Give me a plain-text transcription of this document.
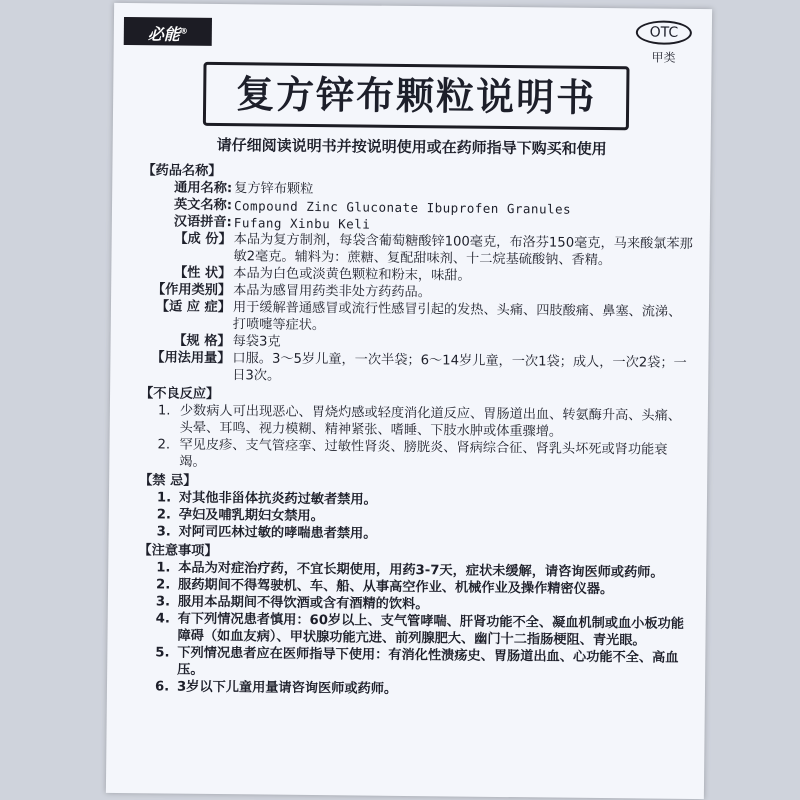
必能®	OTC
甲类
复方锌布颗粒说明书
请仔细阅读说明书并按说明使用或在药师指导下购买和使用
【药品名称】
通用名称: 复方锌布颗粒
英文名称: Compound Zinc Gluconate Ibuprofen Granules
汉语拼音: Fufang Xinbu Keli
【成 份】 本品为复方制剂，每袋含葡萄糖酸锌100毫克，布洛芬150毫克，马来酸氯苯那敏2毫克。辅料为：蔗糖、复配甜味剂、十二烷基硫酸钠、香精。
【性 状】 本品为白色或淡黄色颗粒和粉末，味甜。
【作用类别】 本品为感冒用药类非处方药药品。
【适 应 症】 用于缓解普通感冒或流行性感冒引起的发热、头痛、四肢酸痛、鼻塞、流涕、打喷嚏等症状。
【规 格】 每袋3克
【用法用量】 口服。3～5岁儿童，一次半袋；6～14岁儿童，一次1袋；成人，一次2袋；一日3次。
【不良反应】
1. 少数病人可出现恶心、胃烧灼感或轻度消化道反应、胃肠道出血、转氨酶升高、头痛、头晕、耳鸣、视力模糊、精神紧张、嗜睡、下肢水肿或体重骤增。
2. 罕见皮疹、支气管痉挛、过敏性肾炎、膀胱炎、肾病综合征、肾乳头坏死或肾功能衰竭。
【禁 忌】
1. 对其他非甾体抗炎药过敏者禁用。
2. 孕妇及哺乳期妇女禁用。
3. 对阿司匹林过敏的哮喘患者禁用。
【注意事项】
1. 本品为对症治疗药，不宜长期使用，用药3-7天，症状未缓解，请咨询医师或药师。
2. 服药期间不得驾驶机、车、船、从事高空作业、机械作业及操作精密仪器。
3. 服用本品期间不得饮酒或含有酒精的饮料。
4. 有下列情况患者慎用：60岁以上、支气管哮喘、肝肾功能不全、凝血机制或血小板功能障碍（如血友病）、甲状腺功能亢进、前列腺肥大、幽门十二指肠梗阻、青光眼。
5. 下列情况患者应在医师指导下使用：有消化性溃疡史、胃肠道出血、心功能不全、高血压。
6. 3岁以下儿童用量请咨询医师或药师。
